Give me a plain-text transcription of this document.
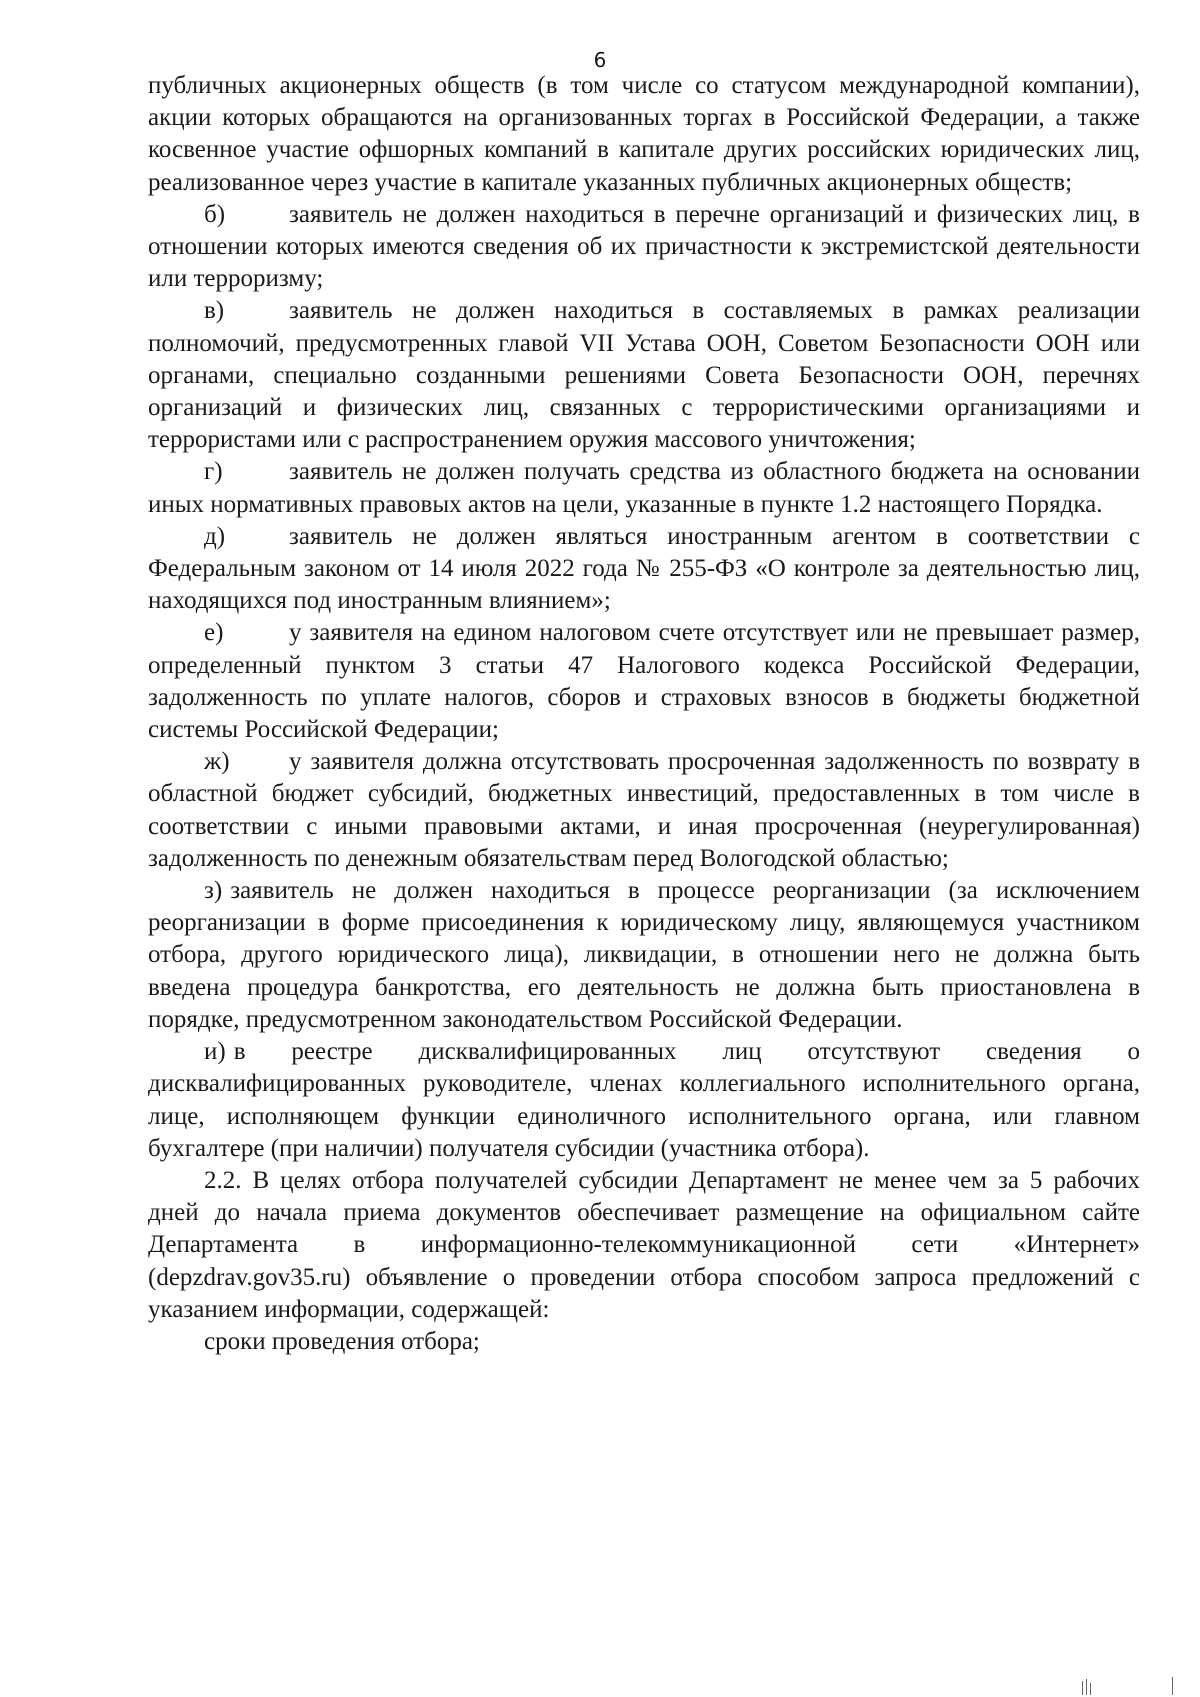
6

публичных акционерных обществ (в том числе со статусом международной компании), акции которых обращаются на организованных торгах в Российской Федерации, а также косвенное участие офшорных компаний в капитале других российских юридических лиц, реализованное через участие в капитале указанных публичных акционерных обществ;

б)	заявитель не должен находиться в перечне организаций и физических лиц, в отношении которых имеются сведения об их причастности к экстремистской деятельности или терроризму;

в)	заявитель не должен находиться в составляемых в рамках реализации полномочий, предусмотренных главой VII Устава ООН, Советом Безопасности ООН или органами, специально созданными решениями Совета Безопасности ООН, перечнях организаций и физических лиц, связанных с террористическими организациями и террористами или с распространением оружия массового уничтожения;

г)	заявитель не должен получать средства из областного бюджета на основании иных нормативных правовых актов на цели, указанные в пункте 1.2 настоящего Порядка.

д)	заявитель не должен являться иностранным агентом в соответствии с Федеральным законом от 14 июля 2022 года № 255-ФЗ «О контроле за деятельностью лиц, находящихся под иностранным влиянием»;

е)	у заявителя на едином налоговом счете отсутствует или не превышает размер, определенный пунктом 3 статьи 47 Налогового кодекса Российской Федерации, задолженность по уплате налогов, сборов и страховых взносов в бюджеты бюджетной системы Российской Федерации;

ж) у заявителя должна отсутствовать просроченная задолженность по возврату в областной бюджет субсидий, бюджетных инвестиций, предоставленных в том числе в соответствии с иными правовыми актами, и иная просроченная (неурегулированная) задолженность по денежным обязательствам перед Вологодской областью;

з) заявитель не должен находиться в процессе реорганизации (за исключением реорганизации в форме присоединения к юридическому лицу, являющемуся участником отбора, другого юридического лица), ликвидации, в отношении него не должна быть введена процедура банкротства, его деятельность не должна быть приостановлена в порядке, предусмотренном законодательством Российской Федерации.

и) в реестре дисквалифицированных лиц отсутствуют сведения о дисквалифицированных руководителе, членах коллегиального исполнительного органа, лице, исполняющем функции единоличного исполнительного органа, или главном бухгалтере (при наличии) получателя субсидии (участника отбора).

2.2. В целях отбора получателей субсидии Департамент не менее чем за 5 рабочих дней до начала приема документов обеспечивает размещение на официальном сайте Департамента в информационно-телекоммуникационной сети «Интернет» (depzdrav.gov35.ru) объявление о проведении отбора способом запроса предложений с указанием информации, содержащей:

сроки проведения отбора;
